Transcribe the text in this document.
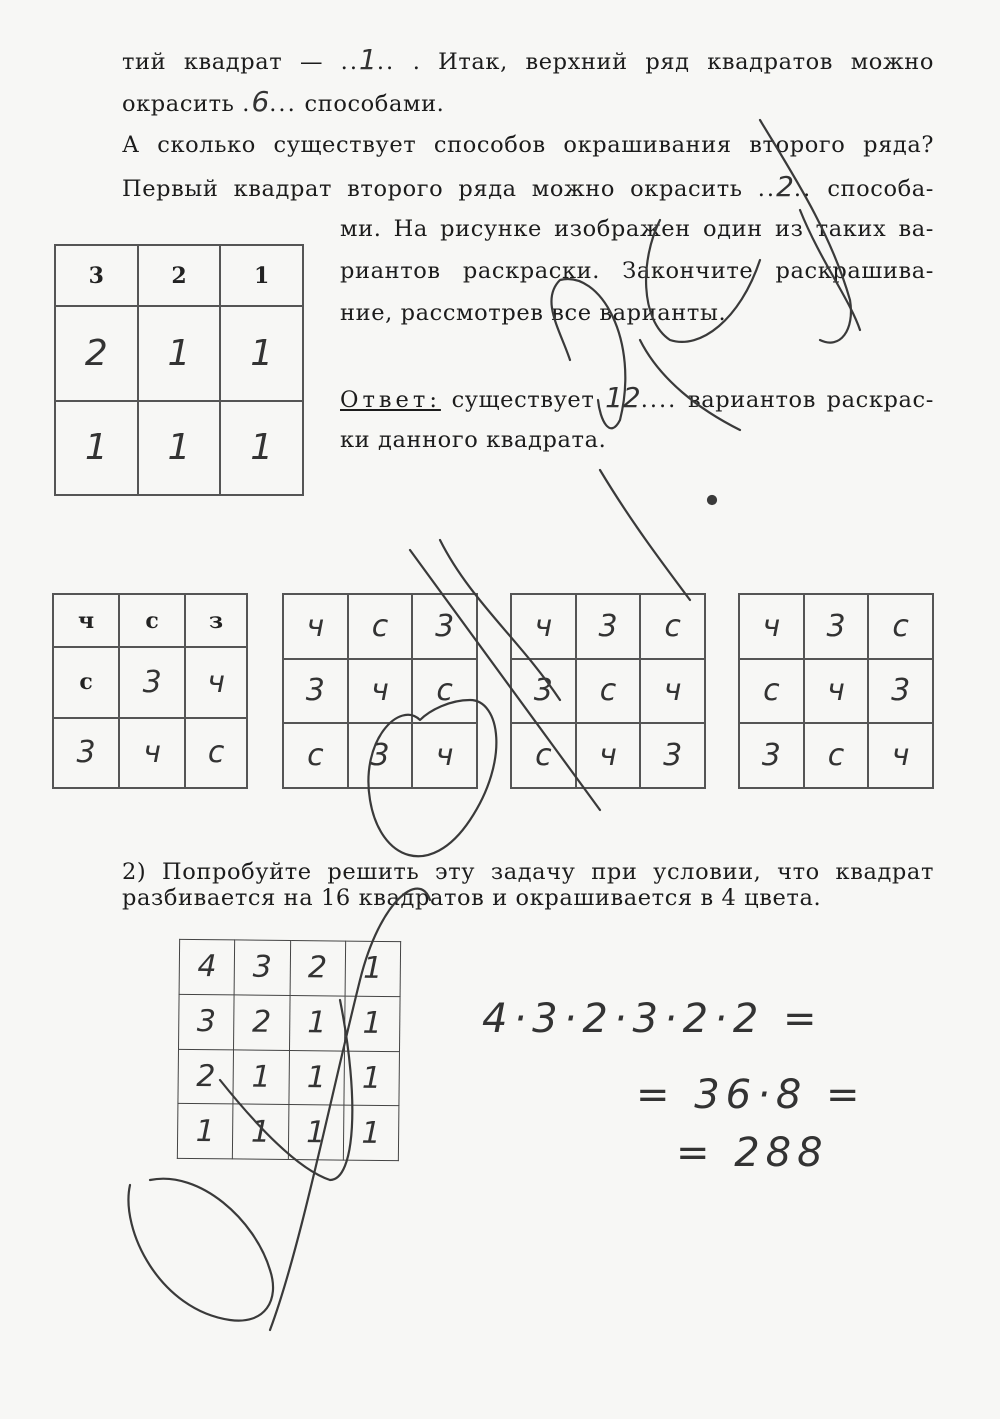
тий квадрат — ..1.. . Итак, верхний ряд квадратов можно
окрасить .6... способами.
А сколько существует способов окрашивания второго ряда?
Первый квадрат второго ряда можно окрасить ..2.. способа-
ми. На рисунке изображен один из таких ва-
риантов раскраски. Закончите раскрашива-
ние, рассмотрев все варианты.
Ответ: существует 12.... вариантов раскрас-
ки данного квадрата.
3	2	1
2	1	1
1	1	1
ч	с	з
с	3	ч
3	ч	с
ч	с	3
3	ч	с
с	3	ч
ч	3	с
3	с	ч
с	ч	3
ч	3	с
с	ч	3
3	с	ч
2) Попробуйте решить эту задачу при условии, что квадрат
разбивается на 16 квадратов и окрашивается в 4 цвета.
4	3	2	1
3	2	1	1
2	1	1	1
1	1	1	1
4·3·2·3·2·2 =
= 36·8 =
= 288
